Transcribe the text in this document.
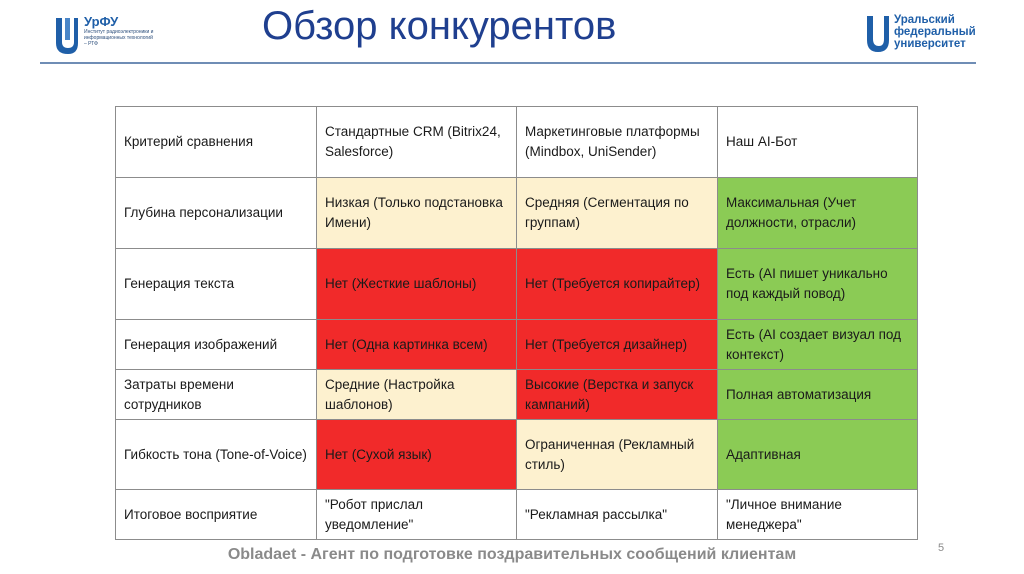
УрФУ
Институт радиоэлектроники и информационных технологий – РТФ	Обзор конкурентов	Уральский
федеральный
университет
Критерий сравнения	Стандартные CRM (Bitrix24, Salesforce)	Маркетинговые платформы (Mindbox, UniSender)	Наш AI-Бот
Глубина персонализации	Низкая (Только подстановка Имени)	Средняя (Сегментация по группам)	Максимальная (Учет должности, отрасли)
Генерация текста	Нет (Жесткие шаблоны)	Нет (Требуется копирайтер)	Есть (AI пишет уникально под каждый повод)
Генерация изображений	Нет (Одна картинка всем)	Нет (Требуется дизайнер)	Есть (AI создает визуал под контекст)
Затраты времени сотрудников	Средние (Настройка шаблонов)	Высокие (Верстка и запуск кампаний)	Полная автоматизация
Гибкость тона (Tone-of-Voice)	Нет (Сухой язык)	Ограниченная (Рекламный стиль)	Адаптивная
Итоговое восприятие	"Робот прислал уведомление"	"Рекламная рассылка"	"Личное внимание менеджера"
Obladaet - Агент по подготовке поздравительных сообщений клиентам	5
